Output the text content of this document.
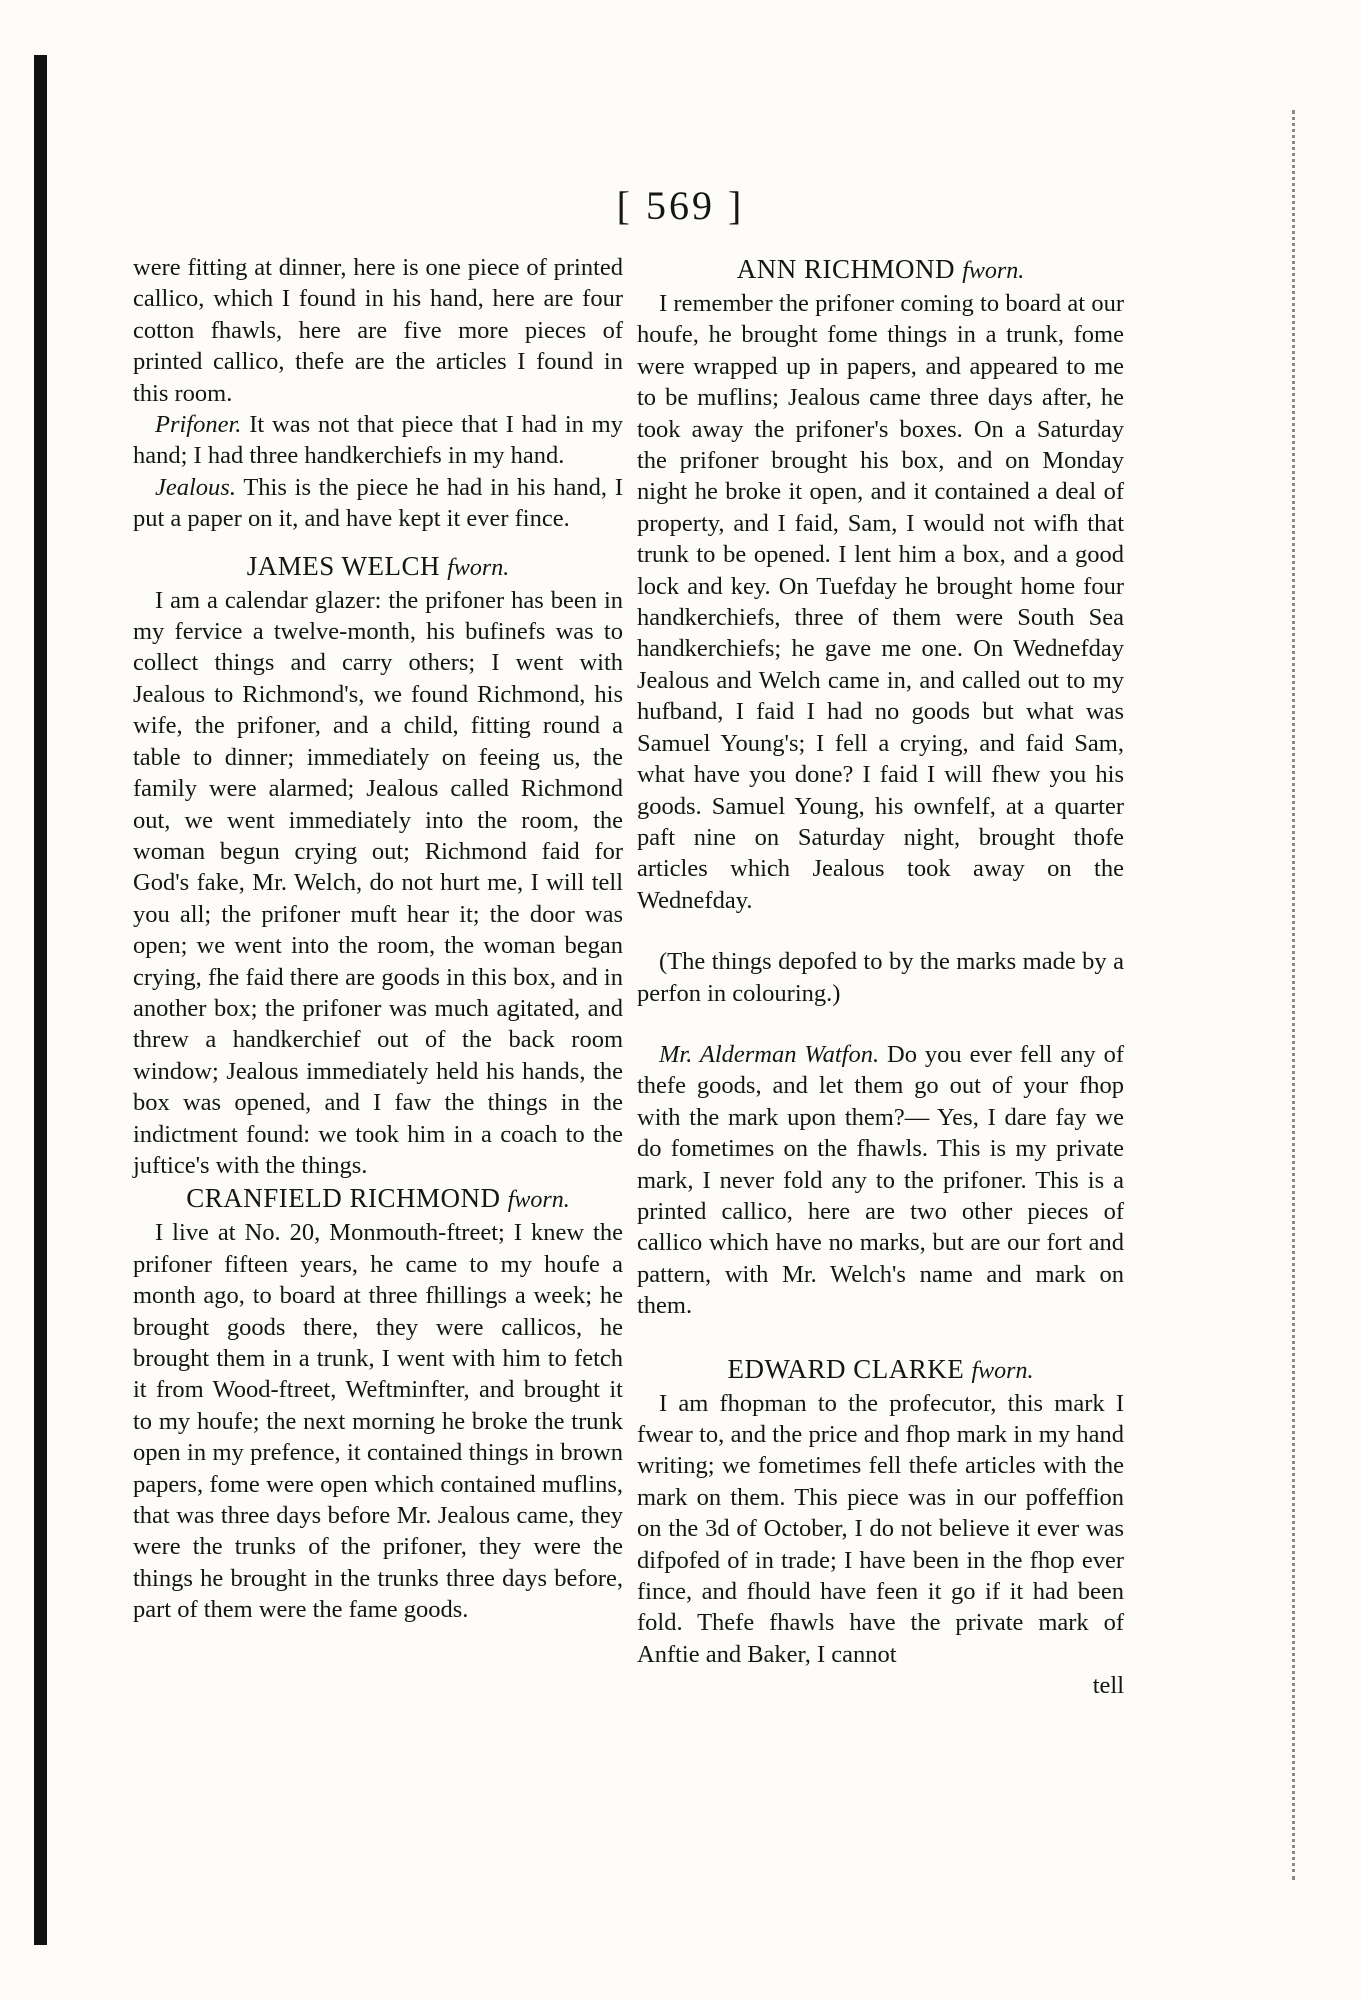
[ 569 ]

were fitting at dinner, here is one piece of printed callico, which I found in his hand, here are four cotton fhawls, here are five more pieces of printed callico, thefe are the articles I found in this room.

Prifoner. It was not that piece that I had in my hand; I had three handkerchiefs in my hand.

Jealous. This is the piece he had in his hand, I put a paper on it, and have kept it ever fince.

JAMES WELCH fworn.

I am a calendar glazer: the prifoner has been in my fervice a twelve-month, his bufinefs was to collect things and carry others; I went with Jealous to Richmond's, we found Richmond, his wife, the prifoner, and a child, fitting round a table to dinner; immediately on feeing us, the family were alarmed; Jealous called Richmond out, we went immediately into the room, the woman begun crying out; Richmond faid for God's fake, Mr. Welch, do not hurt me, I will tell you all; the prifoner muft hear it; the door was open; we went into the room, the woman began crying, fhe faid there are goods in this box, and in another box; the prifoner was much agitated, and threw a handkerchief out of the back room window; Jealous immediately held his hands, the box was opened, and I faw the things in the indictment found: we took him in a coach to the juftice's with the things.

CRANFIELD RICHMOND fworn.

I live at No. 20, Monmouth-ftreet; I knew the prifoner fifteen years, he came to my houfe a month ago, to board at three fhillings a week; he brought goods there, they were callicos, he brought them in a trunk, I went with him to fetch it from Wood-ftreet, Weftminfter, and brought it to my houfe; the next morning he broke the trunk open in my prefence, it contained things in brown papers, fome were open which contained muflins, that was three days before Mr. Jealous came, they were the trunks of the prifoner, they were the things he brought in the trunks three days before, part of them were the fame goods.

ANN RICHMOND fworn.

I remember the prifoner coming to board at our houfe, he brought fome things in a trunk, fome were wrapped up in papers, and appeared to me to be muflins; Jealous came three days after, he took away the prifoner's boxes. On a Saturday the prifoner brought his box, and on Monday night he broke it open, and it contained a deal of property, and I faid, Sam, I would not wifh that trunk to be opened. I lent him a box, and a good lock and key. On Tuefday he brought home four handkerchiefs, three of them were South Sea handkerchiefs; he gave me one. On Wednefday Jealous and Welch came in, and called out to my hufband, I faid I had no goods but what was Samuel Young's; I fell a crying, and faid Sam, what have you done? I faid I will fhew you his goods. Samuel Young, his ownfelf, at a quarter paft nine on Saturday night, brought thofe articles which Jealous took away on the Wednefday.

(The things depofed to by the marks made by a perfon in colouring.)

Mr. Alderman Watfon. Do you ever fell any of thefe goods, and let them go out of your fhop with the mark upon them?— Yes, I dare fay we do fometimes on the fhawls. This is my private mark, I never fold any to the prifoner. This is a printed callico, here are two other pieces of callico which have no marks, but are our fort and pattern, with Mr. Welch's name and mark on them.

EDWARD CLARKE fworn.

I am fhopman to the profecutor, this mark I fwear to, and the price and fhop mark in my hand writing; we fometimes fell thefe articles with the mark on them. This piece was in our poffeffion on the 3d of October, I do not believe it ever was difpofed of in trade; I have been in the fhop ever fince, and fhould have feen it go if it had been fold. Thefe fhawls have the private mark of Anftie and Baker, I cannot

tell
